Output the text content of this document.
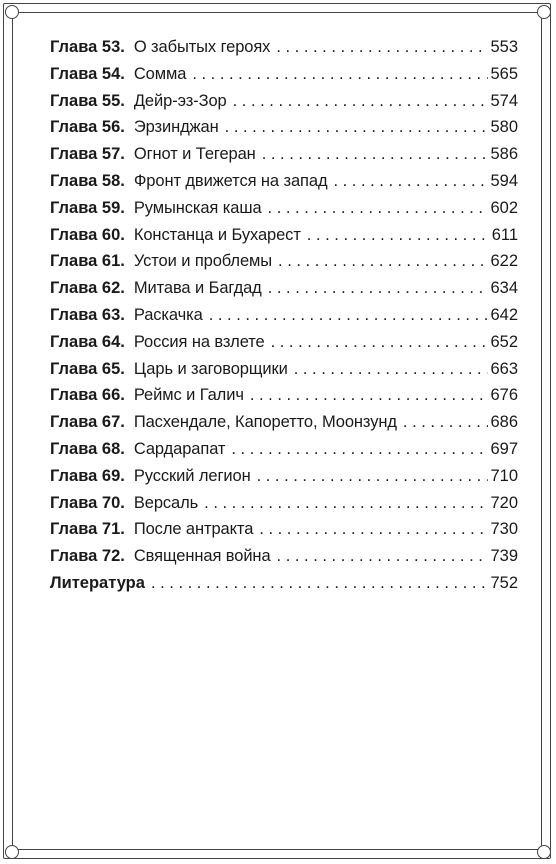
Глава 53. О забытых героях . . .	553
Глава 54. Сомма . . .	565
Глава 55. Дейр-эз-Зор . . .	574
Глава 56. Эрзинджан . . .	580
Глава 57. Огнот и Тегеран . . .	586
Глава 58. Фронт движется на запад . . .	594
Глава 59. Румынская каша . . .	602
Глава 60. Констанца и Бухарест . . .	611
Глава 61. Устои и проблемы . . .	622
Глава 62. Митава и Багдад . . .	634
Глава 63. Раскачка . . .	642
Глава 64. Россия на взлете . . .	652
Глава 65. Царь и заговорщики . . .	663
Глава 66. Реймс и Галич . . .	676
Глава 67. Пасхендале, Капоретто, Моонзунд . . .	686
Глава 68. Сардарапат . . .	697
Глава 69. Русский легион . . .	710
Глава 70. Версаль . . .	720
Глава 71. После антракта . . .	730
Глава 72. Священная война . . .	739
Литература . . .	752
